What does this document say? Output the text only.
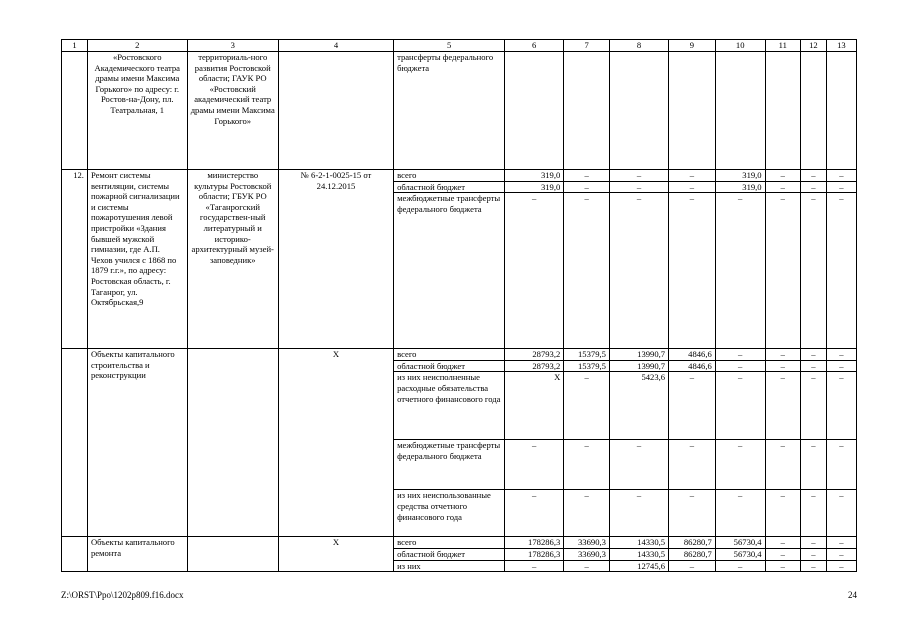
1	2	3	4	5	6	7	8	9	10	11	12	13
	«Ростовского Академического театра драмы имени Максима Горького» по адресу: г. Ростов-на-Дону, пл. Театральная, 1	территориаль-ного развития Ростовской области; ГАУК РО «Ростовский академический театр драмы имени Максима Горького»		трансферты федерального бюджета								
12.	Ремонт системы вентиляции, системы пожарной сигнализации и системы пожаротушения левой пристройки «Здания бывшей мужской гимназии, где А.П. Чехов учился с 1868 по 1879 г.г.», по адресу: Ростовская область, г. Таганрог, ул. Октябрьская,9	министерство культуры Ростовской области; ГБУК РО «Таганрогский государствен-ный литературный и историко-архитектурный музей-заповедник»	№ 6-2-1-0025-15 от 24.12.2015	всего	319,0	–	–	–	319,0	–	–	–
				областной бюджет	319,0	–	–	–	319,0	–	–	–
				межбюджетные трансферты федерального бюджета	–	–	–	–	–	–	–	–
	Объекты капитального строительства и реконструкции		X	всего	28793,2	15379,5	13990,7	4846,6	–	–	–	–
				областной бюджет	28793,2	15379,5	13990,7	4846,6	–	–	–	–
				из них неисполненные расходные обязательства отчетного финансового года	X	–	5423,6	–	–	–	–	–
				межбюджетные трансферты федерального бюджета	–	–	–	–	–	–	–	–
				из них неиспользованные средства отчетного финансового года	–	–	–	–	–	–	–	–
	Объекты капитального ремонта		X	всего	178286,3	33690,3	14330,5	86280,7	56730,4	–	–	–
				областной бюджет	178286,3	33690,3	14330,5	86280,7	56730,4	–	–	–
				из них	–	–	12745,6	–	–	–	–	–
Z:\ORST\Ppo\1202p809.f16.docx	24
